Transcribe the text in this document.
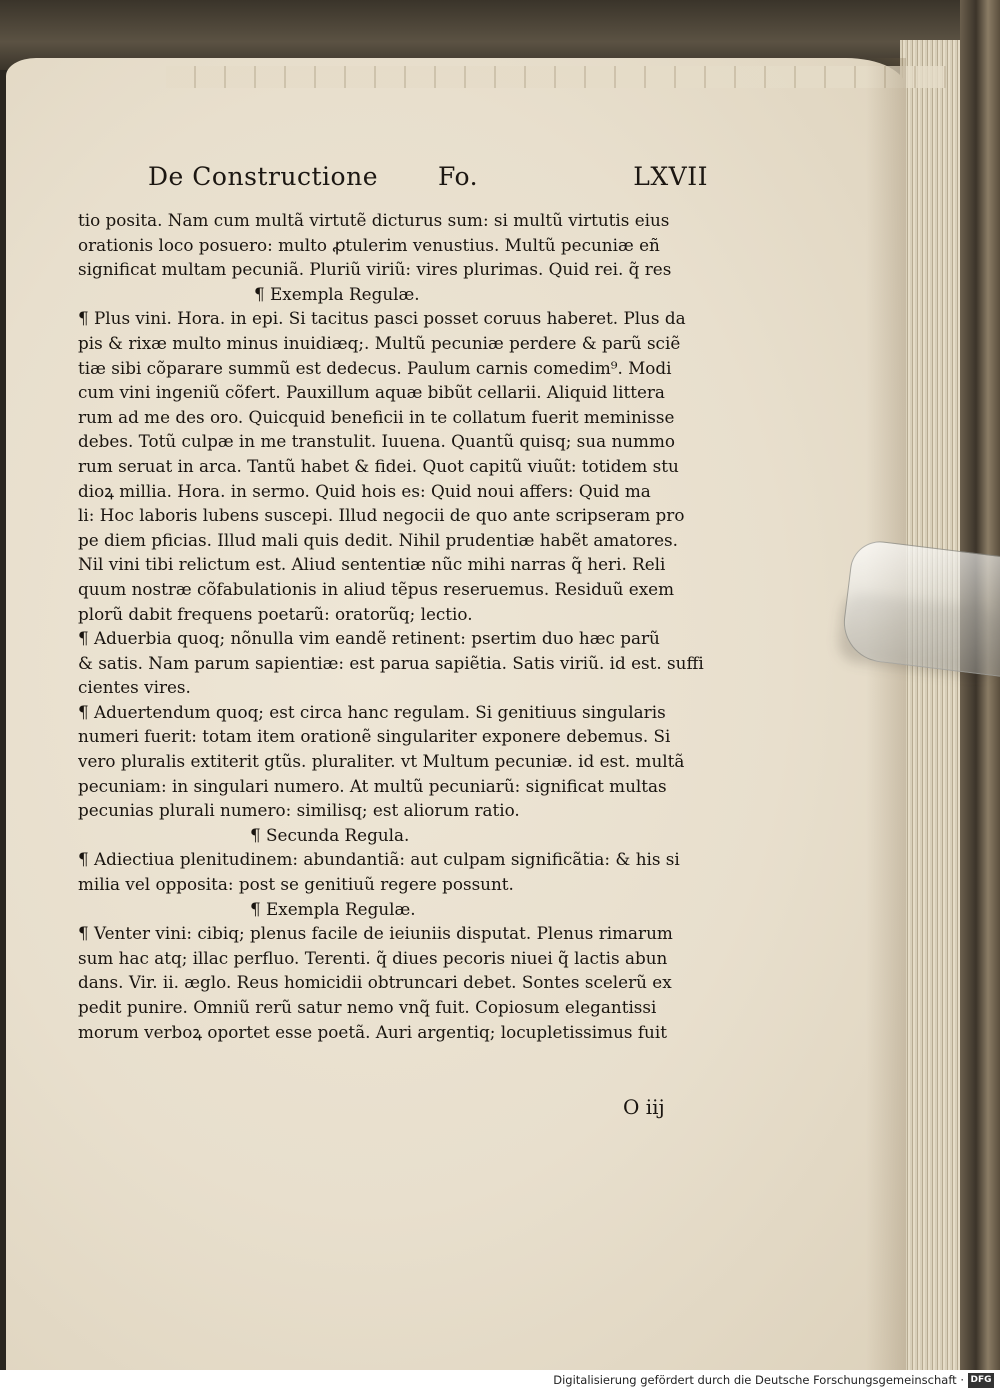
De Constructione Fo.	LXVII
tio posita. Nam cum multã virtutẽ dicturus sum: si multũ virtutis eius
orationis loco posuero: multo ꝓtulerim venustius. Multũ pecuniæ eñ
significat multam pecuniã. Pluriũ viriũ: vires plurimas. Quid rei. q̃ res
¶ Exempla Regulæ.
¶ Plus vini. Hora. in epi. Si tacitus pasci posset coruus haberet. Plus da
pis & rixæ multo minus inuidiæq;. Multũ pecuniæ perdere & parũ sciẽ
tiæ sibi cõparare summũ est dedecus. Paulum carnis comedim⁹. Modi
cum vini ingeniũ cõfert. Pauxillum aquæ bibũt cellarii. Aliquid littera
rum ad me des oro. Quicquid beneficii in te collatum fuerit meminisse
debes. Totũ culpæ in me transtulit. Iuuena. Quantũ quisq; sua nummo
rum seruat in arca. Tantũ habet & fidei. Quot capitũ viuũt: totidem stu
dioꝝ millia. Hora. in sermo. Quid hois es: Quid noui affers: Quid ma
li: Hoc laboris lubens suscepi. Illud negocii de quo ante scripseram pro
pe diem pficias. Illud mali quis dedit. Nihil prudentiæ habẽt amatores.
Nil vini tibi relictum est. Aliud sententiæ nũc mihi narras q̃ heri. Reli
quum nostræ cõfabulationis in aliud tẽpus reseruemus. Residuũ exem
plorũ dabit frequens poetarũ: oratorũq; lectio.
¶ Aduerbia quoq; nõnulla vim eandẽ retinent: psertim duo hæc parũ
& satis. Nam parum sapientiæ: est parua sapiẽtia. Satis viriũ. id est. suffi
cientes vires.
¶ Aduertendum quoq; est circa hanc regulam. Si genitiuus singularis
numeri fuerit: totam item orationẽ singulariter exponere debemus. Si
vero pluralis extiterit gtũs. pluraliter. vt Multum pecuniæ. id est. multã
pecuniam: in singulari numero. At multũ pecuniarũ: significat multas
pecunias plurali numero: similisq; est aliorum ratio.
¶ Secunda Regula.
¶ Adiectiua plenitudinem: abundantiã: aut culpam significãtia: & his si
milia vel opposita: post se genitiuũ regere possunt.
¶ Exempla Regulæ.
¶ Venter vini: cibiq; plenus facile de ieiuniis disputat. Plenus rimarum
sum hac atq; illac perfluo. Terenti. q̃ diues pecoris niuei q̃ lactis abun
dans. Vir. ii. æglo. Reus homicidii obtruncari debet. Sontes scelerũ ex
pedit punire. Omniũ rerũ satur nemo vnq̃ fuit. Copiosum elegantissi
morum verboꝝ oportet esse poetã. Auri argentiq; locupletissimus fuit
O iij
Digitalisierung gefördert durch die Deutsche Forschungsgemeinschaft · DFG
